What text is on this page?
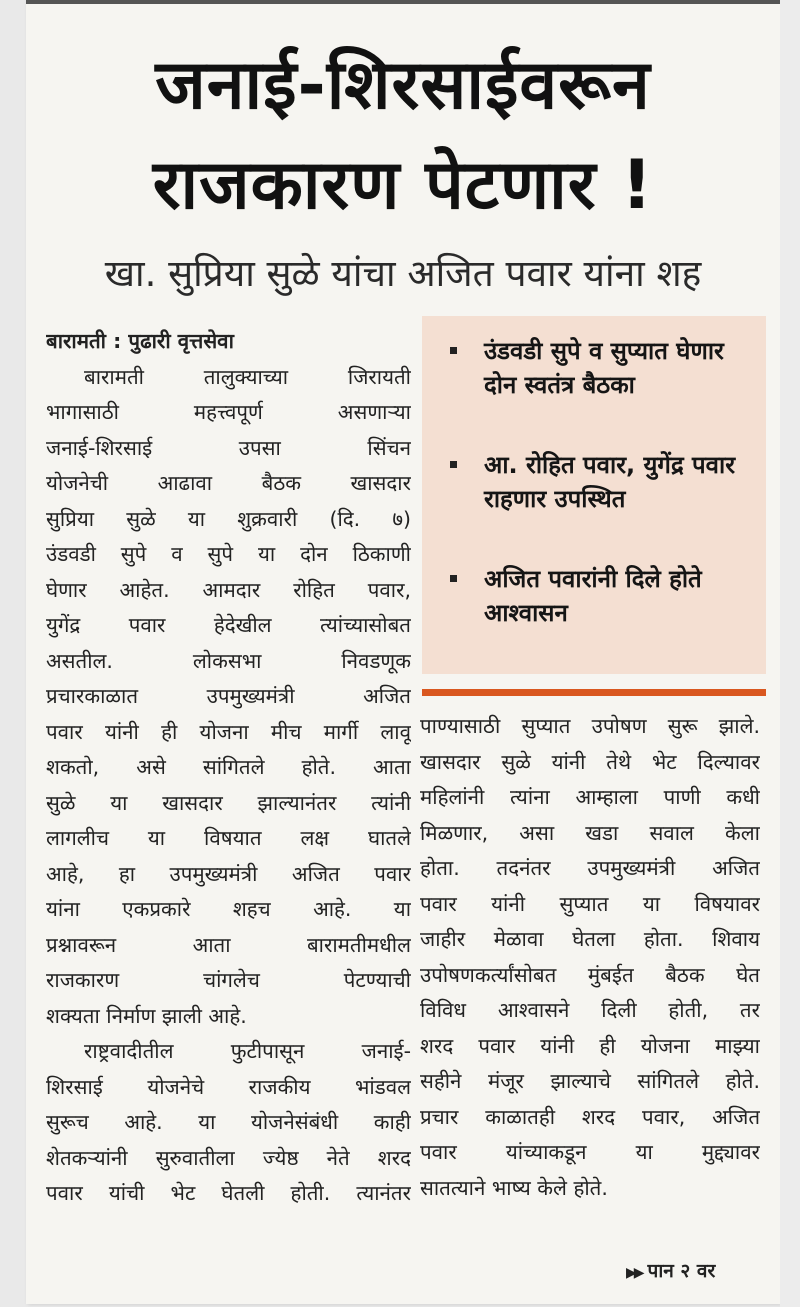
जनाई-शिरसाईवरून
राजकारण पेटणार !
खा. सुप्रिया सुळे यांचा अजित पवार यांना शह
बारामती : पुढारी वृत्तसेवा
बारामती तालुक्याच्या जिरायती
भागासाठी महत्त्वपूर्ण असणाऱ्या
जनाई-शिरसाई उपसा सिंचन
योजनेची आढावा बैठक खासदार
सुप्रिया सुळे या शुक्रवारी (दि. ७)
उंडवडी सुपे व सुपे या दोन ठिकाणी
घेणार आहेत. आमदार रोहित पवार,
युगेंद्र पवार हेदेखील त्यांच्यासोबत
असतील. लोकसभा निवडणूक
प्रचारकाळात उपमुख्यमंत्री अजित
पवार यांनी ही योजना मीच मार्गी लावू
शकतो, असे सांगितले होते. आता
सुळे या खासदार झाल्यानंतर त्यांनी
लागलीच या विषयात लक्ष घातले
आहे, हा उपमुख्यमंत्री अजित पवार
यांना एकप्रकारे शहच आहे. या
प्रश्नावरून आता बारामतीमधील
राजकारण चांगलेच पेटण्याची
शक्यता निर्माण झाली आहे.
राष्ट्रवादीतील फुटीपासून जनाई-
शिरसाई योजनेचे राजकीय भांडवल
सुरूच आहे. या योजनेसंबंधी काही
शेतकऱ्यांनी सुरुवातीला ज्येष्ठ नेते शरद
पवार यांची भेट घेतली होती. त्यानंतर
उंडवडी सुपे व सुप्यात घेणार दोन स्वतंत्र बैठका
आ. रोहित पवार, युगेंद्र पवार राहणार उपस्थित
अजित पवारांनी दिले होते आश्वासन
पाण्यासाठी सुप्यात उपोषण सुरू झाले.
खासदार सुळे यांनी तेथे भेट दिल्यावर
महिलांनी त्यांना आम्हाला पाणी कधी
मिळणार, असा खडा सवाल केला
होता. तदनंतर उपमुख्यमंत्री अजित
पवार यांनी सुप्यात या विषयावर
जाहीर मेळावा घेतला होता. शिवाय
उपोषणकर्त्यांसोबत मुंबईत बैठक घेत
विविध आश्वासने दिली होती, तर
शरद पवार यांनी ही योजना माझ्या
सहीने मंजूर झाल्याचे सांगितले होते.
प्रचार काळातही शरद पवार, अजित
पवार यांच्याकडून या मुद्द्यावर
सातत्याने भाष्य केले होते.
▶▶ पान २ वर
